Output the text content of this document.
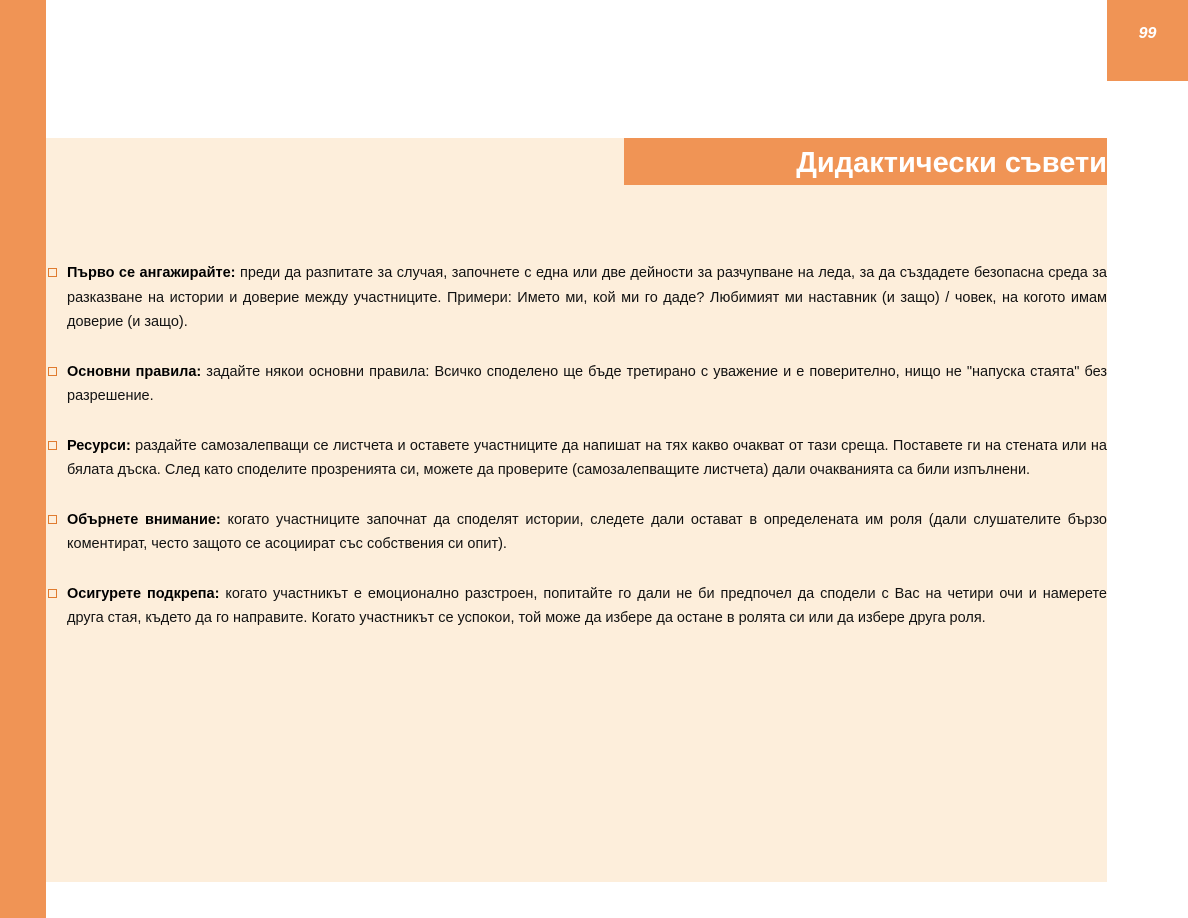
99
Дидактически съвети
Първо се ангажирайте: преди да разпитате за случая, започнете с една или две дейности за разчупване на леда, за да създадете безопасна среда за разказване на истории и доверие между участниците. Примери: Името ми, кой ми го даде? Любимият ми наставник (и защо) / човек, на когото имам доверие (и защо).
Основни правила: задайте някои основни правила: Всичко споделено ще бъде третирано с уважение и е поверително, нищо не "напуска стаята" без разрешение.
Ресурси: раздайте самозалепващи се листчета и оставете участниците да напишат на тях какво очакват от тази среща. Поставете ги на стената или на бялата дъска. След като споделите прозренията си, можете да проверите (самозалепващите листчета) дали очакванията са били изпълнени.
Обърнете внимание: когато участниците започнат да споделят истории, следете дали остават в определената им роля (дали слушателите бързо коментират, често защото се асоциират със собствения си опит).
Осигурете подкрепа: когато участникът е емоционално разстроен, попитайте го дали не би предпочел да сподели с Вас на четири очи и намерете друга стая, където да го направите. Когато участникът се успокои, той може да избере да остане в ролята си или да избере друга роля.
